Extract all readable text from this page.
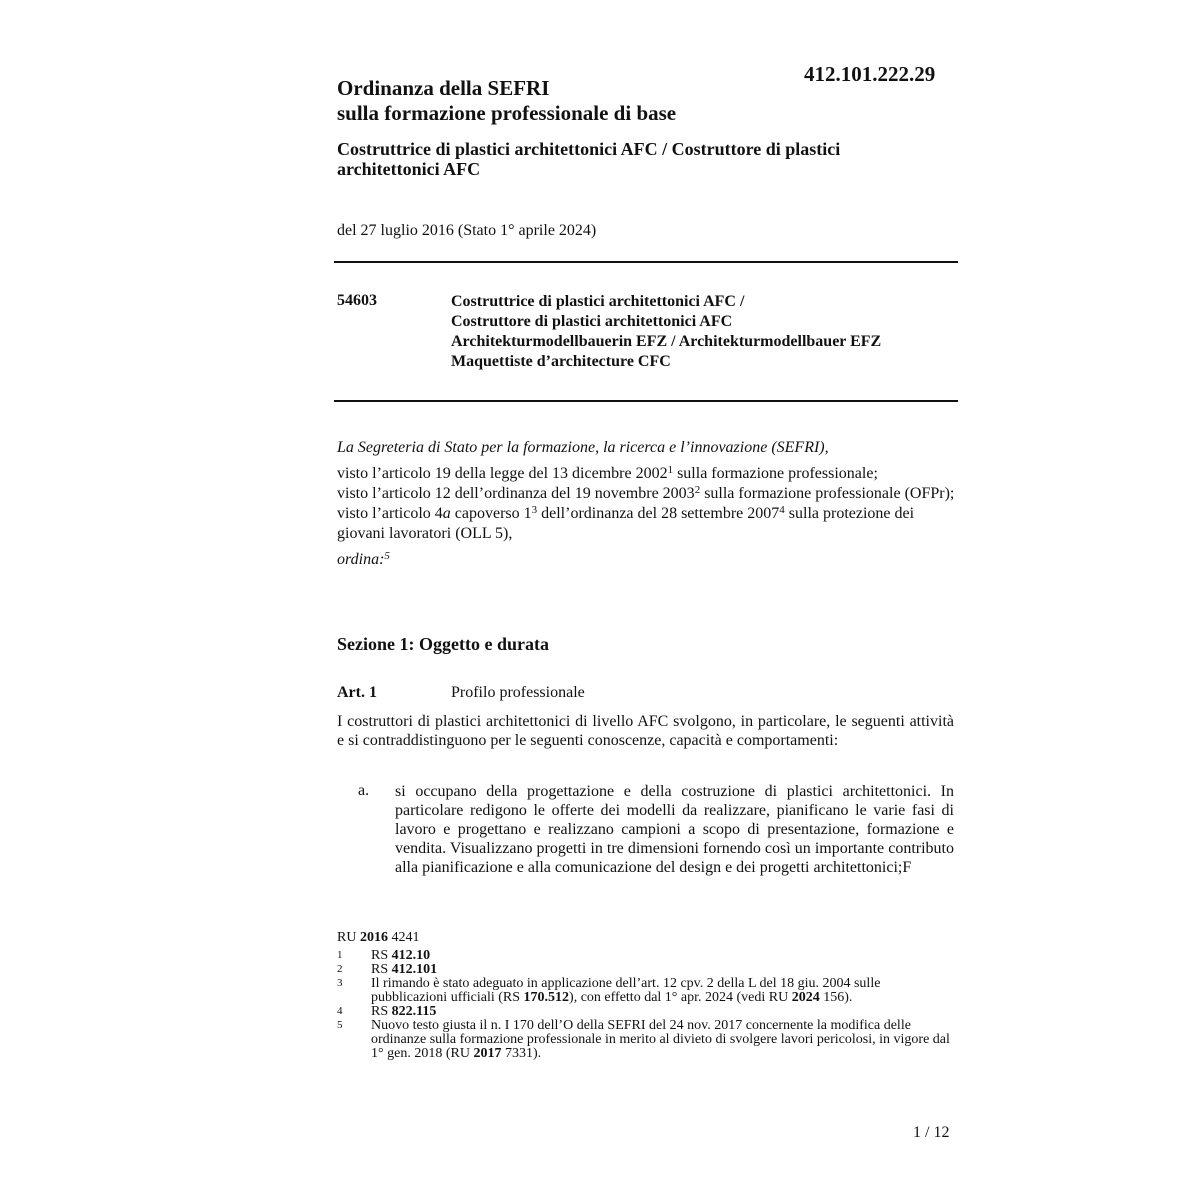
412.101.222.29
Ordinanza della SEFRI
sulla formazione professionale di base
Costruttrice di plastici architettonici AFC / Costruttore di plastici architettonici AFC
del 27 luglio 2016 (Stato 1° aprile 2024)
54603	Costruttrice di plastici architettonici AFC /
Costruttore di plastici architettonici AFC
Architekturmodellbauerin EFZ / Architekturmodellbauer EFZ
Maquettiste d’architecture CFC
La Segreteria di Stato per la formazione, la ricerca e l’innovazione (SEFRI),
visto l’articolo 19 della legge del 13 dicembre 2002$^1$ sulla formazione professionale;
visto l’articolo 12 dell’ordinanza del 19 novembre 2003$^2$ sulla formazione professionale (OFPr);
visto l’articolo 4a capoverso $1^3$ dell’ordinanza del 28 settembre 2007$^4$ sulla protezione dei giovani lavoratori (OLL 5),
ordina:$^5$
Sezione 1: Oggetto e durata
Art. 1	Profilo professionale
I costruttori di plastici architettonici di livello AFC svolgono, in particolare, le seguenti attività e si contraddistinguono per le seguenti conoscenze, capacità e comportamenti:
a. si occupano della progettazione e della costruzione di plastici architettonici. In particolare redigono le offerte dei modelli da realizzare, pianificano le varie fasi di lavoro e progettano e realizzano campioni a scopo di presentazione, formazione e vendita. Visualizzano progetti in tre dimensioni fornendo così un importante contributo alla pianificazione e alla comunicazione del design e dei progetti architettonici;F
RU 2016 4241
1	RS 412.10
2	RS 412.101
3	Il rimando è stato adeguato in applicazione dell’art. 12 cpv. 2 della L del 18 giu. 2004 sulle pubblicazioni ufficiali (RS 170.512), con effetto dal 1° apr. 2024 (vedi RU 2024 156).
4	RS 822.115
5	Nuovo testo giusta il n. I 170 dell’O della SEFRI del 24 nov. 2017 concernente la modifica delle ordinanze sulla formazione professionale in merito al divieto di svolgere lavori pericolosi, in vigore dal 1° gen. 2018 (RU 2017 7331).
1 / 12
